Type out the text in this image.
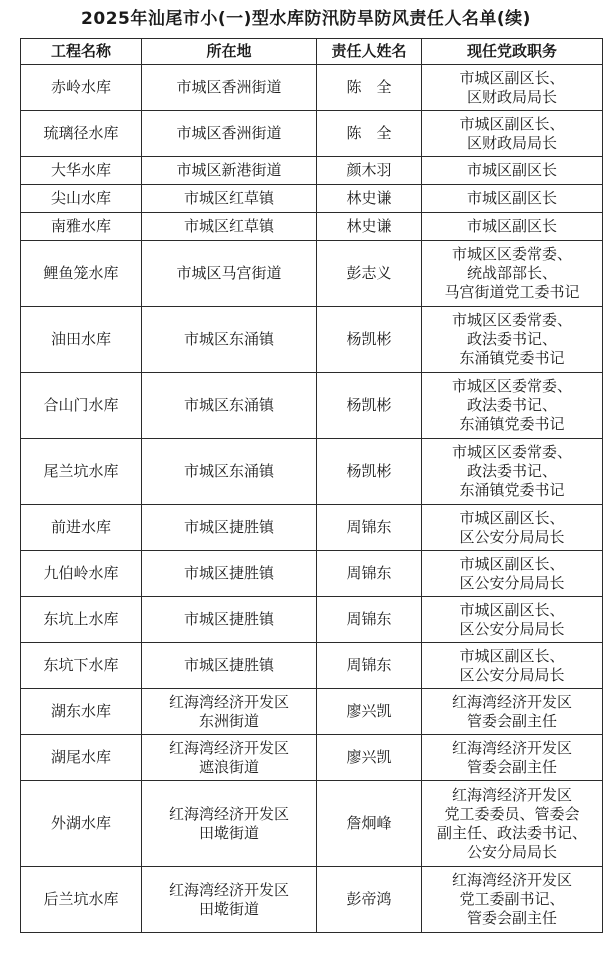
2025年汕尾市小(一)型水库防汛防旱防风责任人名单(续)
工程名称	所在地	责任人姓名	现任党政职务
赤岭水库	市城区香洲街道	陈　全	市城区副区长、
区财政局局长

琉璃径水库	市城区香洲街道	陈　全	市城区副区长、
区财政局局长

大华水库	市城区新港街道	颜木羽	市城区副区长

尖山水库	市城区红草镇	林史谦	市城区副区长

南雅水库	市城区红草镇	林史谦	市城区副区长

鲤鱼笼水库	市城区马宫街道	彭志义	市城区区委常委、
统战部部长、
马宫街道党工委书记

油田水库	市城区东涌镇	杨凯彬	市城区区委常委、
政法委书记、
东涌镇党委书记

合山门水库	市城区东涌镇	杨凯彬	市城区区委常委、
政法委书记、
东涌镇党委书记

尾兰坑水库	市城区东涌镇	杨凯彬	市城区区委常委、
政法委书记、
东涌镇党委书记

前进水库	市城区捷胜镇	周锦东	市城区副区长、
区公安分局局长

九伯岭水库	市城区捷胜镇	周锦东	市城区副区长、
区公安分局局长

东坑上水库	市城区捷胜镇	周锦东	市城区副区长、
区公安分局局长

东坑下水库	市城区捷胜镇	周锦东	市城区副区长、
区公安分局局长

湖东水库	红海湾经济开发区
东洲街道	廖兴凯	红海湾经济开发区
管委会副主任

湖尾水库	红海湾经济开发区
遮浪街道	廖兴凯	红海湾经济开发区
管委会副主任

外湖水库	红海湾经济开发区
田墘街道	詹炯峰	红海湾经济开发区
党工委委员、管委会
副主任、政法委书记、
公安分局局长

后兰坑水库	红海湾经济开发区
田墘街道	彭帝鸿	红海湾经济开发区
党工委副书记、
管委会副主任
